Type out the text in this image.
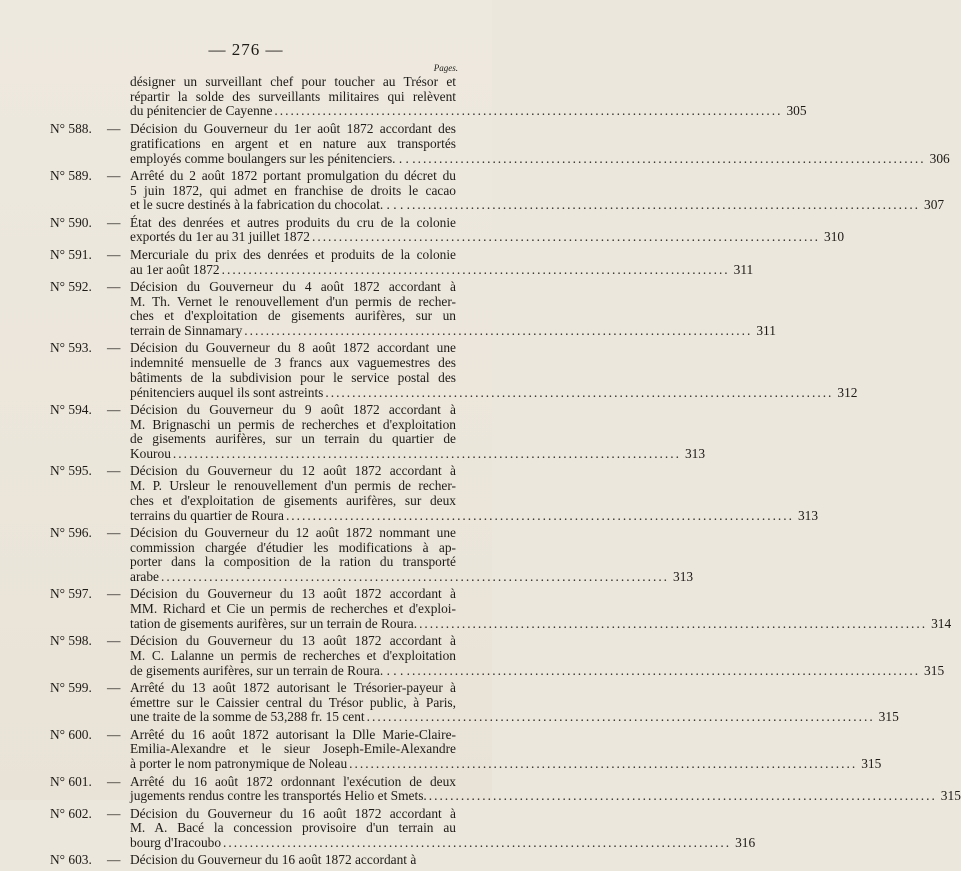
— 276 —
Pages.
désigner un surveillant chef pour toucher au Trésor et
répartir la solde des surveillants militaires qui relèvent
du pénitencier de Cayenne .....	305
N° 588. — Décision du Gouverneur du 1er août 1872 accordant des
gratifications en argent et en nature aux transportés
employés comme boulangers sur les pénitenciers. . . . .....	306
N° 589. — Arrêté du 2 août 1872 portant promulgation du décret du
5 juin 1872, qui admet en franchise de droits le cacao
et le sucre destinés à la fabrication du chocolat. . . . . .....	307
N° 590. — État des denrées et autres produits du cru de la colonie
exportés du 1er au 31 juillet 1872 .....	310
N° 591. — Mercuriale du prix des denrées et produits de la colonie
au 1er août 1872 .....	311
N° 592. — Décision du Gouverneur du 4 août 1872 accordant à
M. Th. Vernet le renouvellement d'un permis de recher-
ches et d'exploitation de gisements aurifères, sur un
terrain de Sinnamary .....	311
N° 593. — Décision du Gouverneur du 8 août 1872 accordant une
indemnité mensuelle de 3 francs aux vaguemestres des
bâtiments de la subdivision pour le service postal des
pénitenciers auquel ils sont astreints .....	312
N° 594. — Décision du Gouverneur du 9 août 1872 accordant à
M. Brignaschi un permis de recherches et d'exploitation
de gisements aurifères, sur un terrain du quartier de
Kourou .....	313
N° 595. — Décision du Gouverneur du 12 août 1872 accordant à
M. P. Ursleur le renouvellement d'un permis de recher-
ches et d'exploitation de gisements aurifères, sur deux
terrains du quartier de Roura .....	313
N° 596. — Décision du Gouverneur du 12 août 1872 nommant une
commission chargée d'étudier les modifications à ap-
porter dans la composition de la ration du transporté
arabe .....	313
N° 597. — Décision du Gouverneur du 13 août 1872 accordant à
MM. Richard et Cie un permis de recherches et d'exploi-
tation de gisements aurifères, sur un terrain de Roura. .....	314
N° 598. — Décision du Gouverneur du 13 août 1872 accordant à
M. C. Lalanne un permis de recherches et d'exploitation
de gisements aurifères, sur un terrain de Roura. . . . . .....	315
N° 599. — Arrêté du 13 août 1872 autorisant le Trésorier-payeur à
émettre sur le Caissier central du Trésor public, à Paris,
une traite de la somme de 53,288 fr. 15 cent .....	315
N° 600. — Arrêté du 16 août 1872 autorisant la Dlle Marie-Claire-
Emilia-Alexandre et le sieur Joseph-Emile-Alexandre
à porter le nom patronymique de Noleau .....	315
N° 601. — Arrêté du 16 août 1872 ordonnant l'exécution de deux
jugements rendus contre les transportés Helio et Smets. .....	315
N° 602. — Décision du Gouverneur du 16 août 1872 accordant à
M. A. Bacé la concession provisoire d'un terrain au
bourg d'Iracoubo .....	316
N° 603. — Décision du Gouverneur du 16 août 1872 accordant à
